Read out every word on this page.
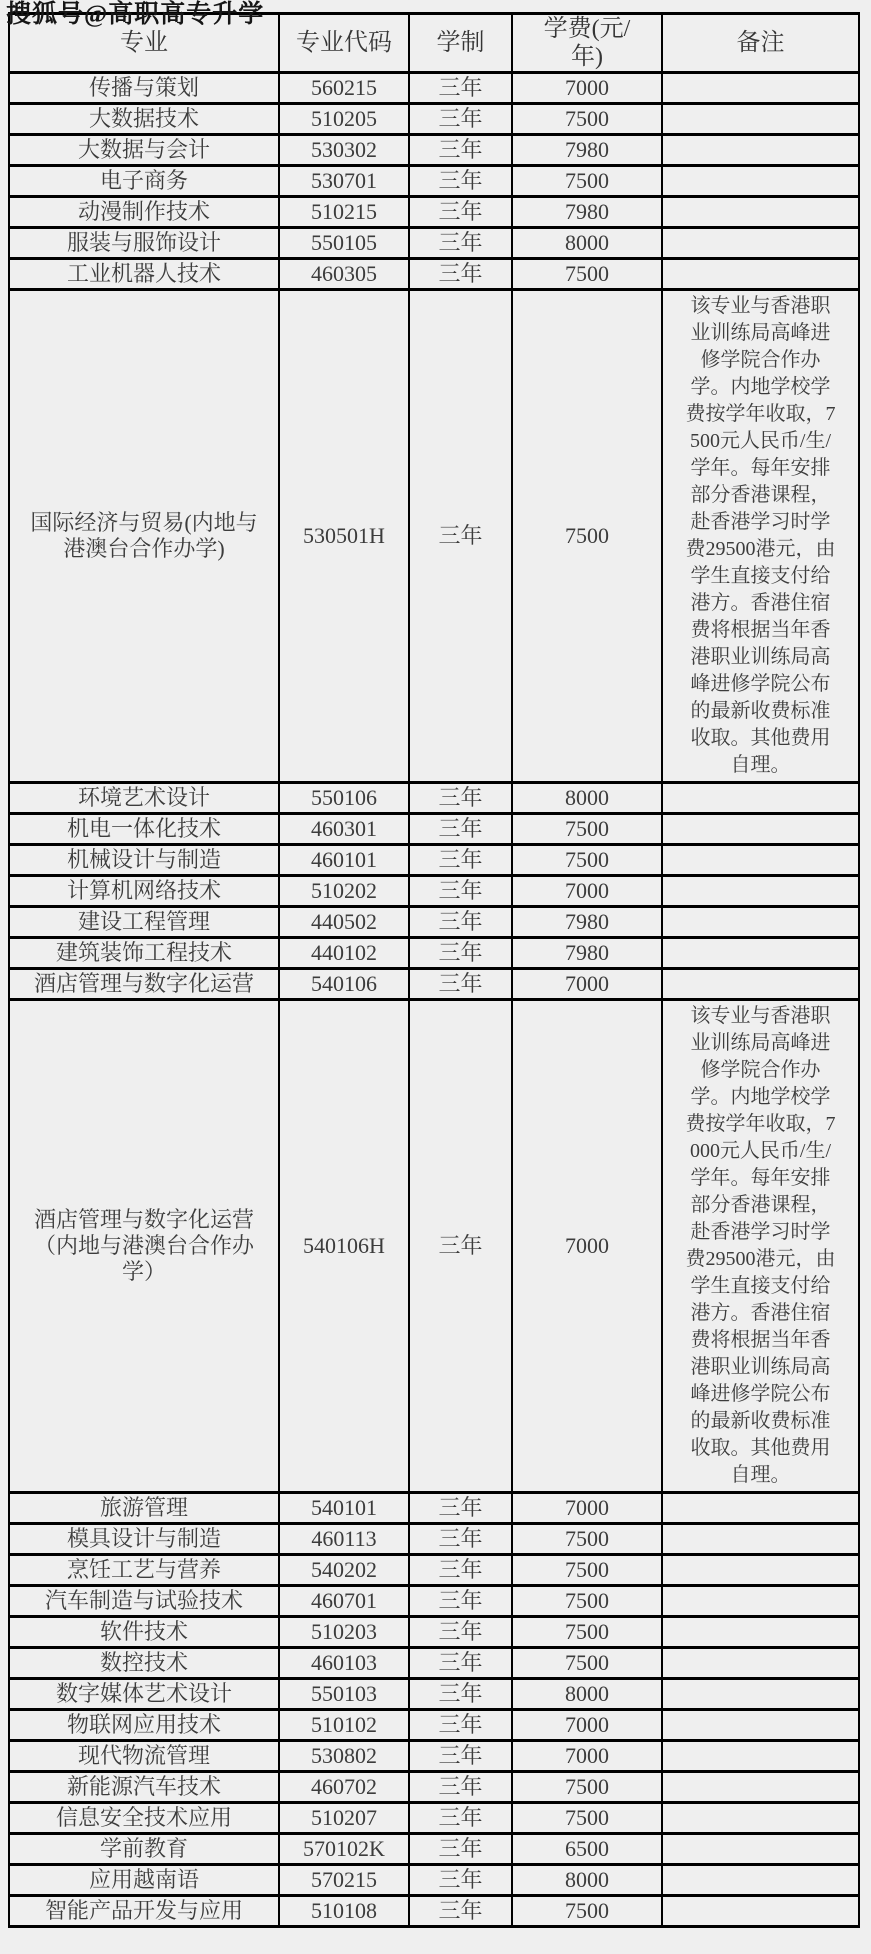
搜狐号@高职高专升学
专业	专业代码	学制	学费(元/年)	备注
传播与策划	560215	三年	7000	
大数据技术	510205	三年	7500	
大数据与会计	530302	三年	7980	
电子商务	530701	三年	7500	
动漫制作技术	510215	三年	7980	
服装与服饰设计	550105	三年	8000	
工业机器人技术	460305	三年	7500	
国际经济与贸易(内地与港澳台合作办学)	530501H	三年	7500	该专业与香港职业训练局高峰进修学院合作办学。内地学校学费按学年收取，7500元人民币/生/学年。每年安排部分香港课程，赴香港学习时学费29500港元，由学生直接支付给港方。香港住宿费将根据当年香港职业训练局高峰进修学院公布的最新收费标准收取。其他费用自理。
环境艺术设计	550106	三年	8000	
机电一体化技术	460301	三年	7500	
机械设计与制造	460101	三年	7500	
计算机网络技术	510202	三年	7000	
建设工程管理	440502	三年	7980	
建筑装饰工程技术	440102	三年	7980	
酒店管理与数字化运营	540106	三年	7000	
酒店管理与数字化运营（内地与港澳台合作办学）	540106H	三年	7000	该专业与香港职业训练局高峰进修学院合作办学。内地学校学费按学年收取，7000元人民币/生/学年。每年安排部分香港课程，赴香港学习时学费29500港元，由学生直接支付给港方。香港住宿费将根据当年香港职业训练局高峰进修学院公布的最新收费标准收取。其他费用自理。
旅游管理	540101	三年	7000	
模具设计与制造	460113	三年	7500	
烹饪工艺与营养	540202	三年	7500	
汽车制造与试验技术	460701	三年	7500	
软件技术	510203	三年	7500	
数控技术	460103	三年	7500	
数字媒体艺术设计	550103	三年	8000	
物联网应用技术	510102	三年	7000	
现代物流管理	530802	三年	7000	
新能源汽车技术	460702	三年	7500	
信息安全技术应用	510207	三年	7500	
学前教育	570102K	三年	6500	
应用越南语	570215	三年	8000	
智能产品开发与应用	510108	三年	7500	
